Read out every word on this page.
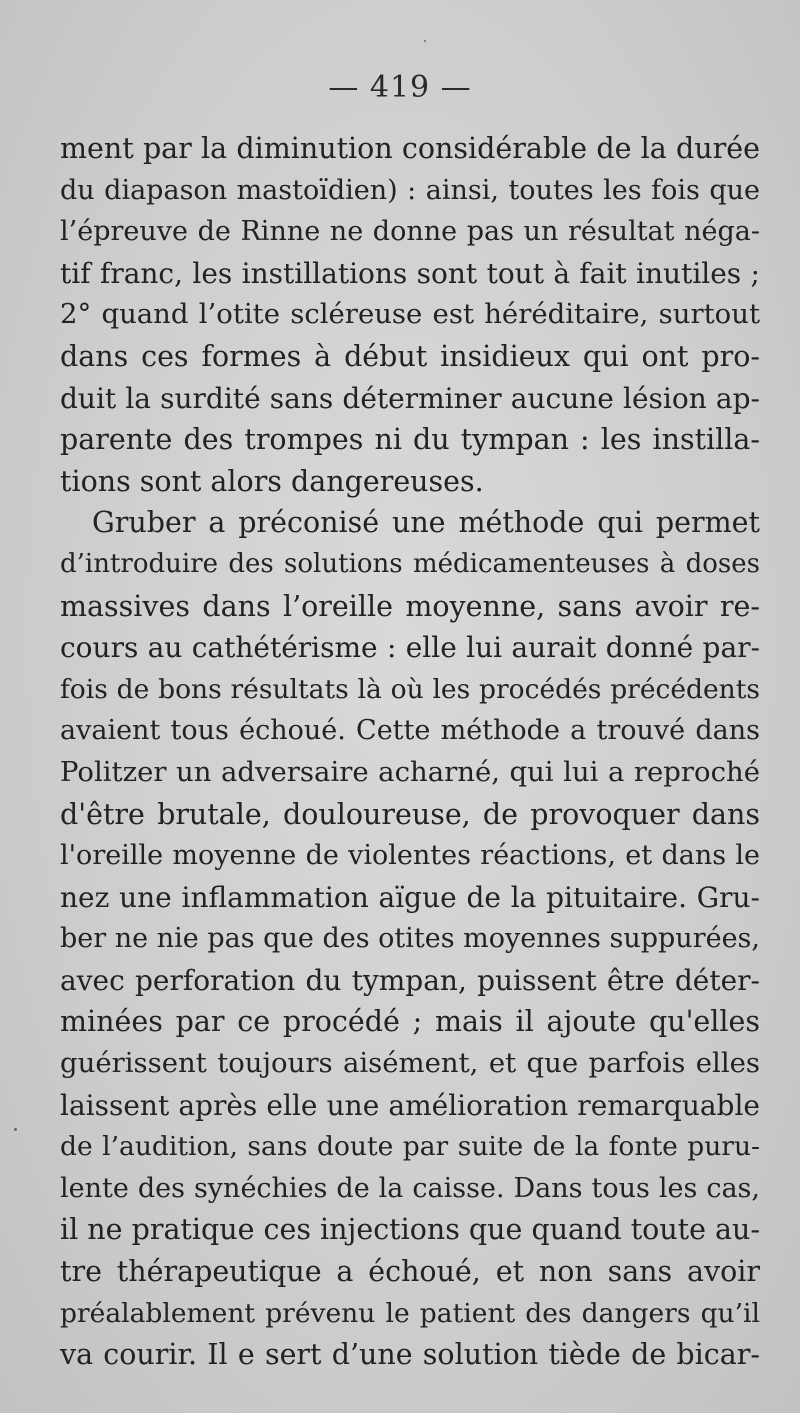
— 419 —
ment par la diminution considérable de la durée
du diapason mastoïdien) : ainsi, toutes les fois que
l’épreuve de Rinne ne donne pas un résultat néga-
tif franc, les instillations sont tout à fait inutiles ;
2° quand l’otite scléreuse est héréditaire, surtout
dans ces formes à début insidieux qui ont pro-
duit la surdité sans déterminer aucune lésion ap-
parente des trompes ni du tympan : les instilla-
tions sont alors dangereuses.
Gruber a préconisé une méthode qui permet
d’introduire des solutions médicamenteuses à doses
massives dans l’oreille moyenne, sans avoir re-
cours au cathétérisme : elle lui aurait donné par-
fois de bons résultats là où les procédés précédents
avaient tous échoué. Cette méthode a trouvé dans
Politzer un adversaire acharné, qui lui a reproché
d'être brutale, douloureuse, de provoquer dans
l'oreille moyenne de violentes réactions, et dans le
nez une inflammation aïgue de la pituitaire. Gru-
ber ne nie pas que des otites moyennes suppurées,
avec perforation du tympan, puissent être déter-
minées par ce procédé ; mais il ajoute qu'elles
guérissent toujours aisément, et que parfois elles
laissent après elle une amélioration remarquable
de l’audition, sans doute par suite de la fonte puru-
lente des synéchies de la caisse. Dans tous les cas,
il ne pratique ces injections que quand toute au-
tre thérapeutique a échoué, et non sans avoir
préalablement prévenu le patient des dangers qu’il
va courir. Il e sert d’une solution tiède de bicar-
